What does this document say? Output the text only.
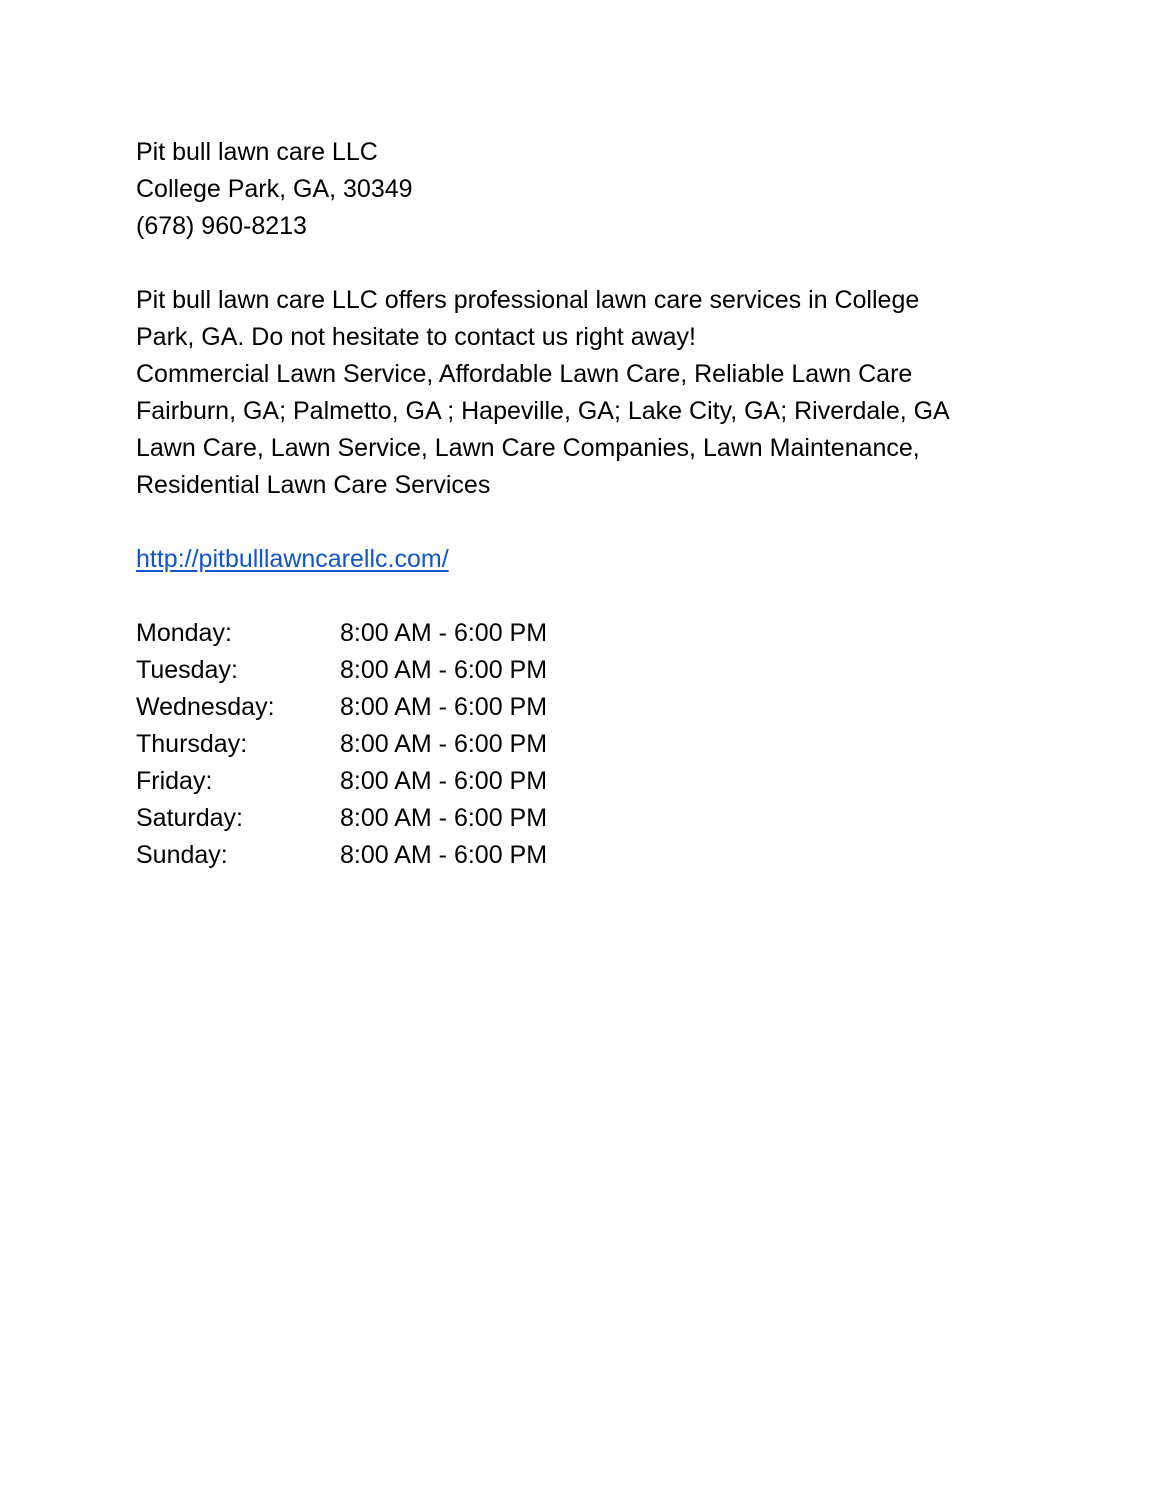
Pit bull lawn care LLC
College Park, GA, 30349
(678) 960-8213
Pit bull lawn care LLC offers professional lawn care services in College
Park, GA. Do not hesitate to contact us right away!
Commercial Lawn Service, Affordable Lawn Care, Reliable Lawn Care
Fairburn, GA; Palmetto, GA ; Hapeville, GA; Lake City, GA; Riverdale, GA
Lawn Care, Lawn Service, Lawn Care Companies, Lawn Maintenance,
Residential Lawn Care Services
http://pitbulllawncarellc.com/
Monday:	8:00 AM - 6:00 PM
Tuesday:	8:00 AM - 6:00 PM
Wednesday:	8:00 AM - 6:00 PM
Thursday:	8:00 AM - 6:00 PM
Friday:	8:00 AM - 6:00 PM
Saturday:	8:00 AM - 6:00 PM
Sunday:	8:00 AM - 6:00 PM
